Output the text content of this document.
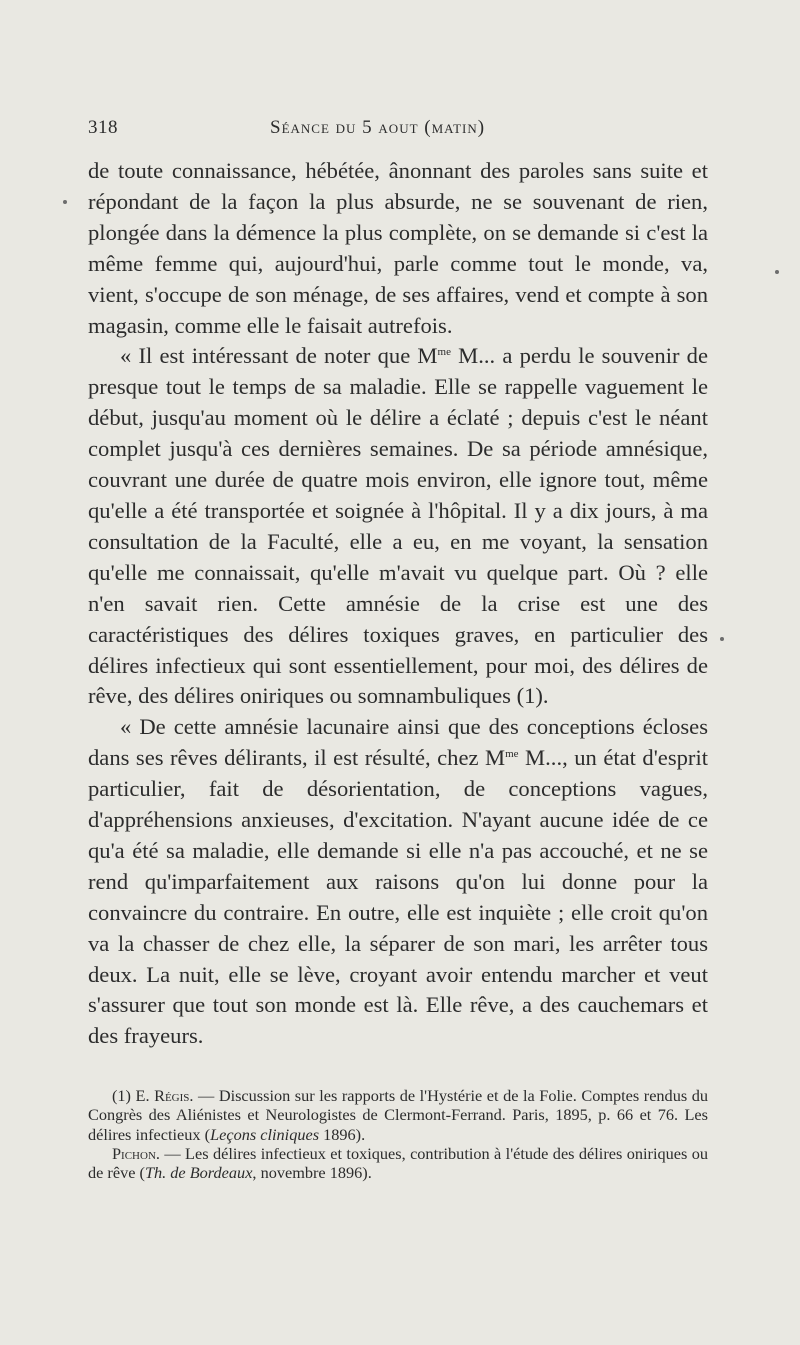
318	Séance du 5 aout (matin)

de toute connaissance, hébétée, ânonnant des paroles sans suite et répondant de la façon la plus absurde, ne se souvenant de rien, plongée dans la démence la plus complète, on se demande si c'est la même femme qui, aujourd'hui, parle comme tout le monde, va, vient, s'occupe de son ménage, de ses affaires, vend et compte à son magasin, comme elle le faisait autrefois.

« Il est intéressant de noter que $M^{me}$ M... a perdu le souvenir de presque tout le temps de sa maladie. Elle se rappelle vaguement le début, jusqu'au moment où le délire a éclaté ; depuis c'est le néant complet jusqu'à ces dernières semaines. De sa période amnésique, couvrant une durée de quatre mois environ, elle ignore tout, même qu'elle a été transportée et soignée à l'hôpital. Il y a dix jours, à ma consultation de la Faculté, elle a eu, en me voyant, la sensation qu'elle me connaissait, qu'elle m'avait vu quelque part. Où ? elle n'en savait rien. Cette amnésie de la crise est une des caractéristiques des délires toxiques graves, en particulier des délires infectieux qui sont essentiellement, pour moi, des délires de rêve, des délires oniriques ou somnambuliques (1).

« De cette amnésie lacunaire ainsi que des conceptions écloses dans ses rêves délirants, il est résulté, chez $M^{me}$ M..., un état d'esprit particulier, fait de désorientation, de conceptions vagues, d'appréhensions anxieuses, d'excitation. N'ayant aucune idée de ce qu'a été sa maladie, elle demande si elle n'a pas accouché, et ne se rend qu'imparfaitement aux raisons qu'on lui donne pour la convaincre du contraire. En outre, elle est inquiète ; elle croit qu'on va la chasser de chez elle, la séparer de son mari, les arrêter tous deux. La nuit, elle se lève, croyant avoir entendu marcher et veut s'assurer que tout son monde est là. Elle rêve, a des cauchemars et des frayeurs.

(1) E. Régis. — Discussion sur les rapports de l'Hystérie et de la Folie. Comptes rendus du Congrès des Aliénistes et Neurologistes de Clermont-Ferrand. Paris, 1895, p. 66 et 76. Les délires infectieux (Leçons cliniques 1896).

Pichon. — Les délires infectieux et toxiques, contribution à l'étude des délires oniriques ou de rêve (Th. de Bordeaux, novembre 1896).
